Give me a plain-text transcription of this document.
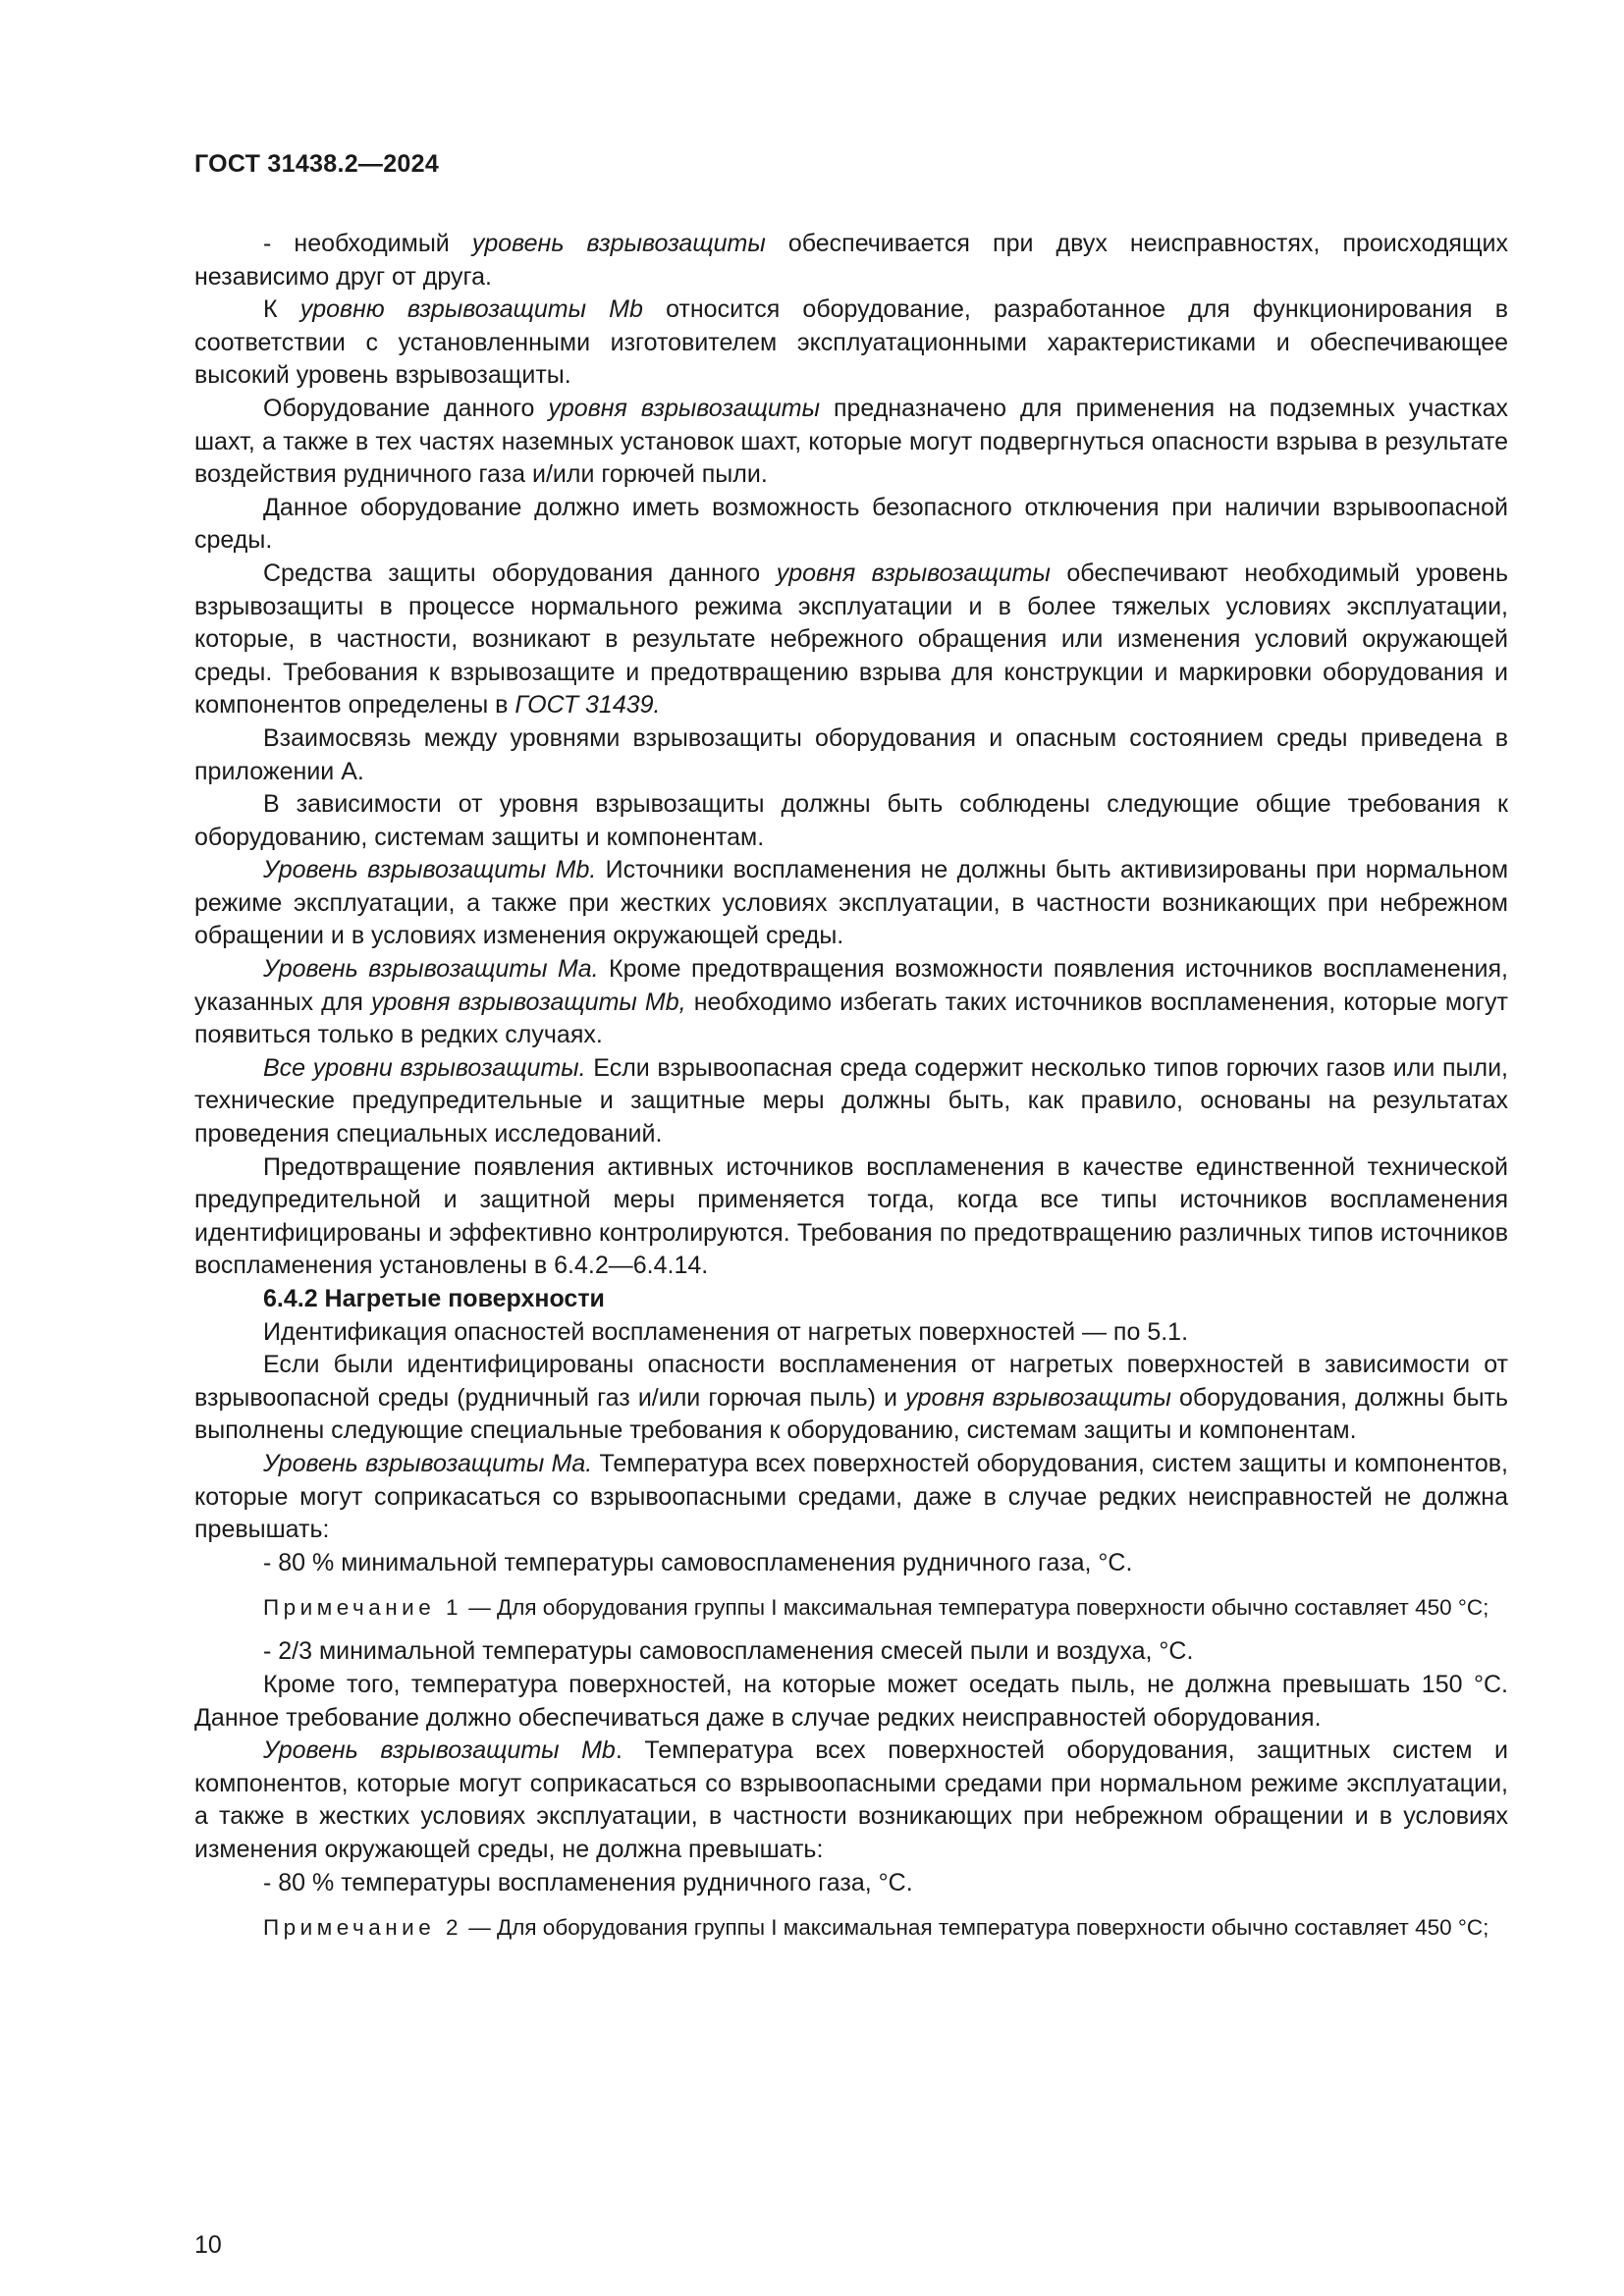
ГОСТ 31438.2—2024

- необходимый уровень взрывозащиты обеспечивается при двух неисправностях, происходящих независимо друг от друга.

К уровню взрывозащиты Mb относится оборудование, разработанное для функционирования в соответствии с установленными изготовителем эксплуатационными характеристиками и обеспечивающее высокий уровень взрывозащиты.

Оборудование данного уровня взрывозащиты предназначено для применения на подземных участках шахт, а также в тех частях наземных установок шахт, которые могут подвергнуться опасности взрыва в результате воздействия рудничного газа и/или горючей пыли.

Данное оборудование должно иметь возможность безопасного отключения при наличии взрывоопасной среды.

Средства защиты оборудования данного уровня взрывозащиты обеспечивают необходимый уровень взрывозащиты в процессе нормального режима эксплуатации и в более тяжелых условиях эксплуатации, которые, в частности, возникают в результате небрежного обращения или изменения условий окружающей среды. Требования к взрывозащите и предотвращению взрыва для конструкции и маркировки оборудования и компонентов определены в ГОСТ 31439.

Взаимосвязь между уровнями взрывозащиты оборудования и опасным состоянием среды приведена в приложении А.

В зависимости от уровня взрывозащиты должны быть соблюдены следующие общие требования к оборудованию, системам защиты и компонентам.

Уровень взрывозащиты Mb. Источники воспламенения не должны быть активизированы при нормальном режиме эксплуатации, а также при жестких условиях эксплуатации, в частности возникающих при небрежном обращении и в условиях изменения окружающей среды.

Уровень взрывозащиты Ma. Кроме предотвращения возможности появления источников воспламенения, указанных для уровня взрывозащиты Mb, необходимо избегать таких источников воспламенения, которые могут появиться только в редких случаях.

Все уровни взрывозащиты. Если взрывоопасная среда содержит несколько типов горючих газов или пыли, технические предупредительные и защитные меры должны быть, как правило, основаны на результатах проведения специальных исследований.

Предотвращение появления активных источников воспламенения в качестве единственной технической предупредительной и защитной меры применяется тогда, когда все типы источников воспламенения идентифицированы и эффективно контролируются. Требования по предотвращению различных типов источников воспламенения установлены в 6.4.2—6.4.14.

6.4.2 Нагретые поверхности

Идентификация опасностей воспламенения от нагретых поверхностей — по 5.1.

Если были идентифицированы опасности воспламенения от нагретых поверхностей в зависимости от взрывоопасной среды (рудничный газ и/или горючая пыль) и уровня взрывозащиты оборудования, должны быть выполнены следующие специальные требования к оборудованию, системам защиты и компонентам.

Уровень взрывозащиты Ma. Температура всех поверхностей оборудования, систем защиты и компонентов, которые могут соприкасаться со взрывоопасными средами, даже в случае редких неисправностей не должна превышать:

- 80 % минимальной температуры самовоспламенения рудничного газа, °С.

Примечание 1 — Для оборудования группы I максимальная температура поверхности обычно составляет 450 °С;

- 2/3 минимальной температуры самовоспламенения смесей пыли и воздуха, °С.

Кроме того, температура поверхностей, на которые может оседать пыль, не должна превышать 150 °С. Данное требование должно обеспечиваться даже в случае редких неисправностей оборудования.

Уровень взрывозащиты Mb. Температура всех поверхностей оборудования, защитных систем и компонентов, которые могут соприкасаться со взрывоопасными средами при нормальном режиме эксплуатации, а также в жестких условиях эксплуатации, в частности возникающих при небрежном обращении и в условиях изменения окружающей среды, не должна превышать:

- 80 % температуры воспламенения рудничного газа, °С.

Примечание 2 — Для оборудования группы I максимальная температура поверхности обычно составляет 450 °С;

10
